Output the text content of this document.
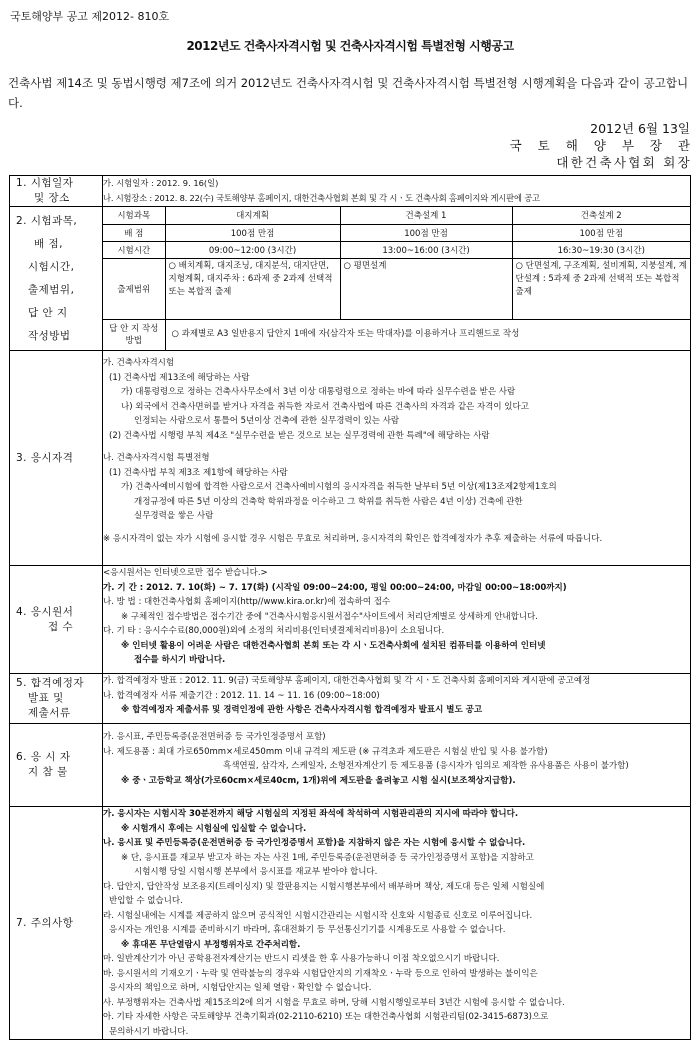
국토해양부 공고 제2012- 810호
2012년도 건축사자격시험 및 건축사자격시험 특별전형 시행공고
건축사법 제14조 및 동법시행령 제7조에 의거 2012년도 건축사자격시험 및 건축사자격시험 특별전형 시행계획을 다음과 같이 공고합니다.
2012년 6월 13일
국 토 해 양 부 장 관
대한건축사협회 회장
1. 시험일자
및 장소

가. 시험일자 : 2012. 9. 16(일)

나. 시험장소 : 2012. 8. 22(수) 국토해양부 홈페이지, 대한건축사협회 본회 및 각 시ㆍ도 건축사회 홈페이지와 게시판에 공고

2. 시험과목,
배 점,
시험시간,
출제범위,
답 안 지
작성방법

시험과목	대지계획	건축설계 1	건축설계 2
배 점	100점 만점	100점 만점	100점 만점
시험시간	09:00~12:00 (3시간)	13:00~16:00 (3시간)	16:30~19:30 (3시간)
출제범위	○ 배치계획, 대지조닝, 대지분석, 대지단면, 지형계획, 대지주차 : 6과제 중 2과제 선택적 또는 복합적 출제	○ 평면설계	○ 단면설계, 구조계획, 설비계획, 지붕설계, 계단설계 : 5과제 중 2과제 선택적 또는 복합적 출제
답 안 지 작성방법	○ 과제별로 A3 일반용지 답안지 1매에 자(삼각자 또는 막대자)를 이용하거나 프리핸드로 작성

3. 응시자격

가. 건축사자격시험

(1) 건축사법 제13조에 해당하는 사람

가) 대통령령으로 정하는 건축사사무소에서 3년 이상 대통령령으로 정하는 바에 따라 실무수련을 받은 사람

나) 외국에서 건축사면허를 받거나 자격을 취득한 자로서 건축사법에 따른 건축사의 자격과 같은 자격이 있다고

인정되는 사람으로서 통틀어 5년이상 건축에 관한 실무경력이 있는 사람

(2) 건축사법 시행령 부칙 제4조 "실무수련을 받은 것으로 보는 실무경력에 관한 특례"에 해당하는 사람

나. 건축사자격시험 특별전형

(1) 건축사법 부칙 제3조 제1항에 해당하는 사람

가) 건축사예비시험에 합격한 사람으로서 건축사예비시험의 응시자격을 취득한 날부터 5년 이상(제13조제2항제1호의

개정규정에 따른 5년 이상의 건축학 학위과정을 이수하고 그 학위를 취득한 사람은 4년 이상) 건축에 관한

실무경력을 쌓은 사람

※ 응시자격이 없는 자가 시험에 응시할 경우 시험은 무효로 처리하며, 응시자격의 확인은 합격예정자가 추후 제출하는 서류에 따릅니다.

4. 응시원서
접 수

<응시원서는 인터넷으로만 접수 받습니다.>

가. 기 간 : 2012. 7. 10(화) ~ 7. 17(화) (시작일 09:00~24:00, 평일 00:00~24:00, 마감일 00:00~18:00까지)

나. 방 법 : 대한건축사협회 홈페이지(http//www.kira.or.kr)에 접속하여 접수

※ 구체적인 접수방법은 접수기간 중에 "건축사시험응시원서접수"사이트에서 처리단계별로 상세하게 안내합니다.

다. 기 타 : 응시수수료(80,000원)외에 소정의 처리비용(인터넷결제처리비용)이 소요됩니다.

※ 인터넷 활용이 어려운 사람은 대한건축사협회 본회 또는 각 시ㆍ도건축사회에 설치된 컴퓨터를 이용하여 인터넷

접수를 하시기 바랍니다.

5. 합격예정자
발표 및
제출서류

가. 합격예정자 발표 : 2012. 11. 9(금) 국토해양부 홈페이지, 대한건축사협회 및 각 시ㆍ도 건축사회 홈페이지와 게시판에 공고예정

나. 합격예정자 서류 제출기간 : 2012. 11. 14 ~ 11. 16 (09:00~18:00)

※ 합격예정자 제출서류 및 경력인정에 관한 사항은 건축사자격시험 합격예정자 발표시 별도 공고

6. 응 시 자
지 참 물

가. 응시표, 주민등록증(운전면허증 등 국가인정증명서 포함)

나. 제도용품 : 최대 가로650mm×세로450mm 이내 규격의 제도판 (※ 규격초과 제도판은 시험실 반입 및 사용 불가함)

흑색연필, 삼각자, 스케일자, 소형전자계산기 등 제도용품 (응시자가 임의로 제작한 유사용품은 사용이 불가함)

※ 중ㆍ고등학교 책상(가로60cm×세로40cm, 1개)위에 제도판을 올려놓고 시험 실시(보조책상지급함).

7. 주의사항

가. 응시자는 시험시작 30분전까지 해당 시험실의 지정된 좌석에 착석하여 시험관리관의 지시에 따라야 합니다.

※ 시험개시 후에는 시험실에 입실할 수 없습니다.

나. 응시표 및 주민등록증(운전면허증 등 국가인정증명서 포함)을 지참하지 않은 자는 시험에 응시할 수 없습니다.

※ 단, 응시표를 재교부 받고자 하는 자는 사진 1매, 주민등록증(운전면허증 등 국가인정증명서 포함)을 지참하고

시험시행 당일 시험시행 본부에서 응시표를 재교부 받아야 합니다.

다. 답안지, 답안작성 보조용지(트레이싱지) 및 깔판용지는 시험시행본부에서 배부하며 책상, 제도대 등은 일체 시험실에

반입할 수 없습니다.

라. 시험실내에는 시계를 제공하지 않으며 공식적인 시험시간관리는 시험시작 신호와 시험종료 신호로 이루어집니다.

응시자는 개인용 시계를 준비하시기 바라며, 휴대전화기 등 무선통신기기를 시계용도로 사용할 수 없습니다.

※ 휴대폰 무단열람시 부정행위자로 간주처리함.

마. 일반계산기가 아닌 공학용전자계산기는 반드시 리셋을 한 후 사용가능하니 이점 착오없으시기 바랍니다.

바. 응시원서의 기재오기ㆍ누락 및 연락불능의 경우와 시험답안지의 기재착오ㆍ누락 등으로 인하여 발생하는 불이익은

응시자의 책임으로 하며, 시험답안지는 일체 열람ㆍ확인할 수 없습니다.

사. 부정행위자는 건축사법 제15조의2에 의거 시험을 무효로 하며, 당해 시험시행일로부터 3년간 시험에 응시할 수 없습니다.

아. 기타 자세한 사항은 국토해양부 건축기획과(02-2110-6210) 또는 대한건축사협회 시험관리팀(02-3415-6873)으로

문의하시기 바랍니다.
